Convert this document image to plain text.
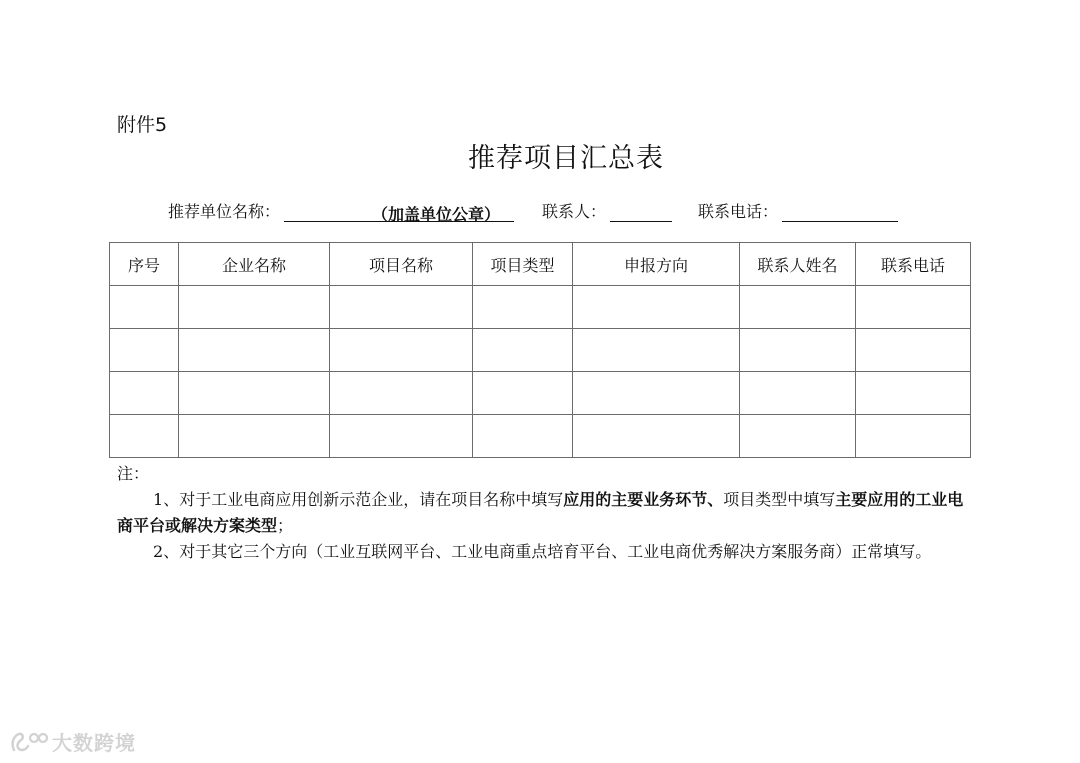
附件5
推荐项目汇总表
推荐单位名称：	（加盖单位公章）	联系人：	联系电话：
序号	企业名称	项目名称	项目类型	申报方向	联系人姓名	联系电话

注：

1、对于工业电商应用创新示范企业，请在项目名称中填写应用的主要业务环节、项目类型中填写主要应用的工业电商平台或解决方案类型；

2、对于其它三个方向（工业互联网平台、工业电商重点培育平台、工业电商优秀解决方案服务商）正常填写。

大数跨境
